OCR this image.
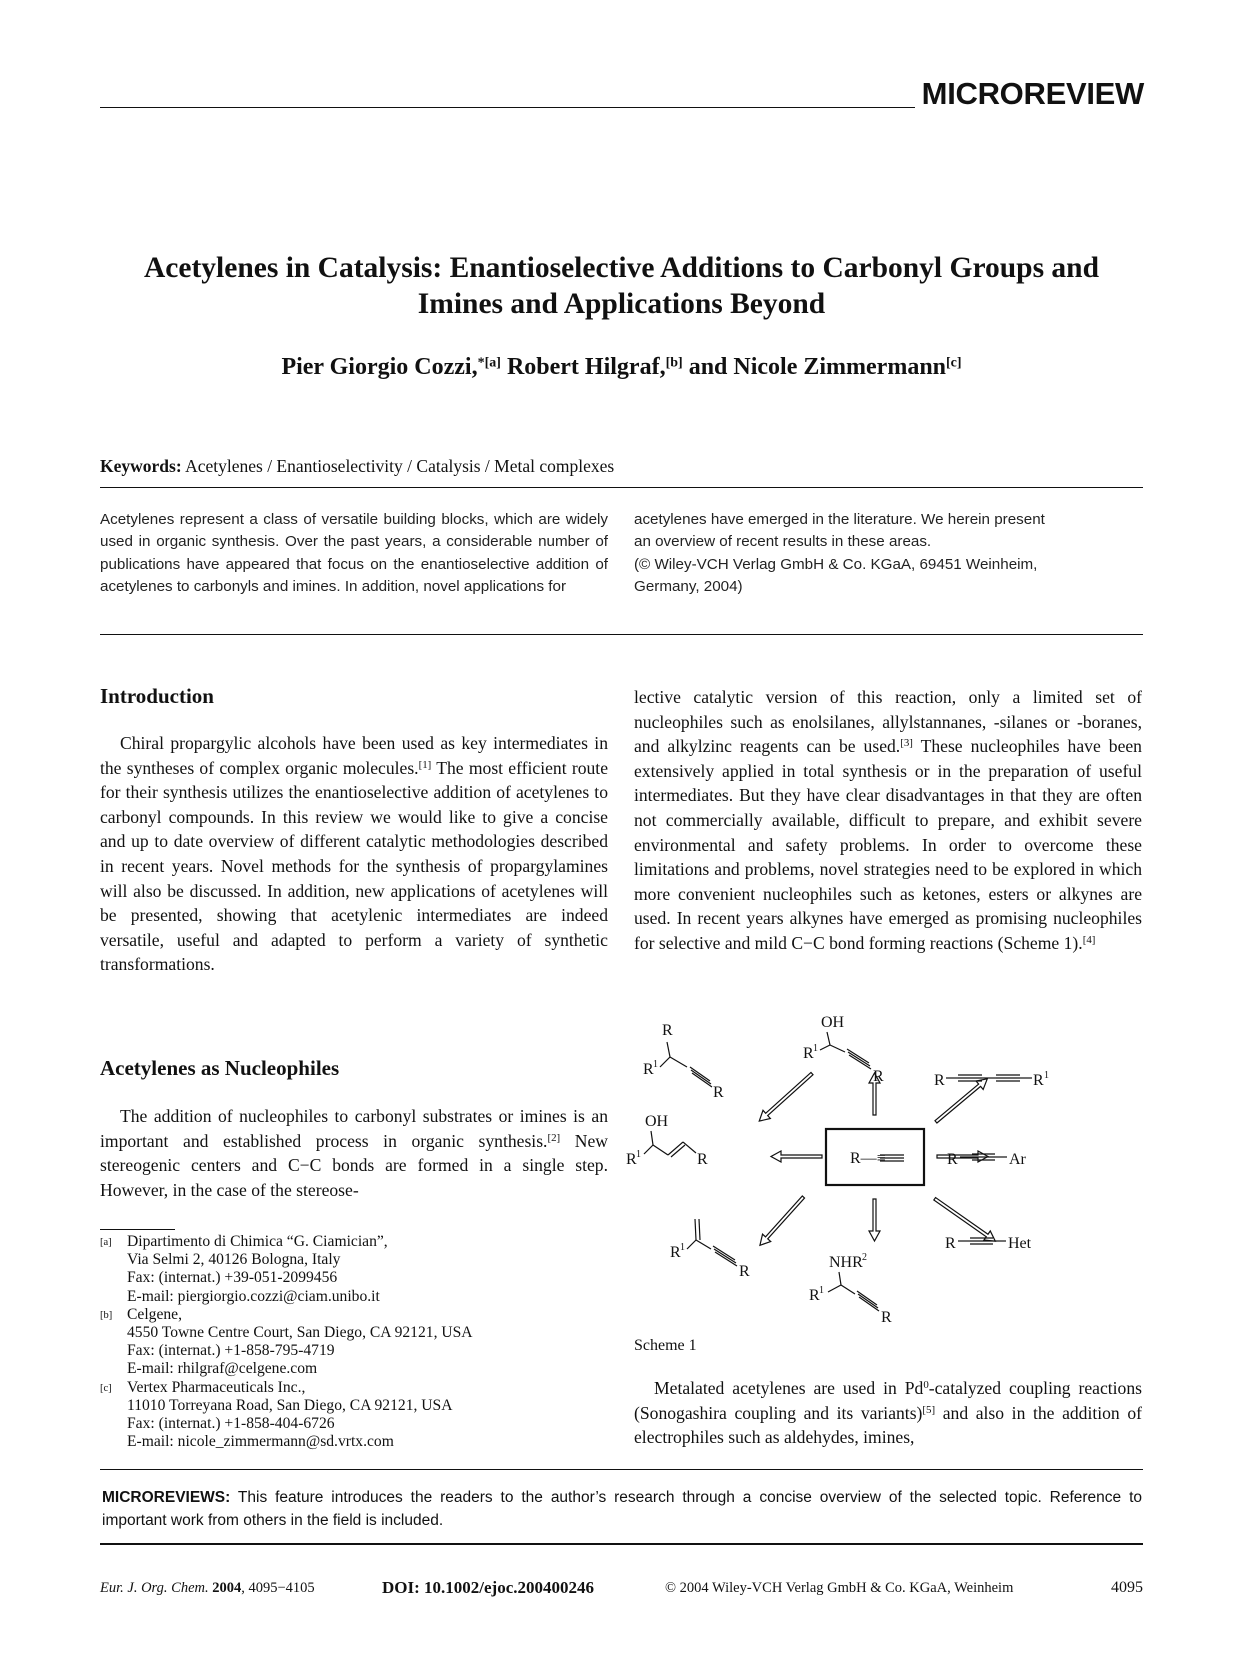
MICROREVIEW
Acetylenes in Catalysis: Enantioselective Additions to Carbonyl Groups and Imines and Applications Beyond
Pier Giorgio Cozzi,$^{*[a]}$ Robert Hilgraf,[b] and Nicole Zimmermann[c]
Keywords: Acetylenes / Enantioselectivity / Catalysis / Metal complexes
Acetylenes represent a class of versatile building blocks, which are widely used in organic synthesis. Over the past years, a considerable number of publications have appeared that focus on the enantioselective addition of acetylenes to carbonyls and imines. In addition, novel applications for
acetylenes have emerged in the literature. We herein present
an overview of recent results in these areas.
(© Wiley-VCH Verlag GmbH & Co. KGaA, 69451 Weinheim,
Germany, 2004)
Introduction

Chiral propargylic alcohols have been used as key intermediates in the syntheses of complex organic molecules.[1] The most efficient route for their synthesis utilizes the enantioselective addition of acetylenes to carbonyl compounds. In this review we would like to give a concise and up to date overview of different catalytic methodologies described in recent years. Novel methods for the synthesis of propargylamines will also be discussed. In addition, new applications of acetylenes will be presented, showing that acetylenic intermediates are indeed versatile, useful and adapted to perform a variety of synthetic transformations.

Acetylenes as Nucleophiles

The addition of nucleophiles to carbonyl substrates or imines is an important and established process in organic synthesis.[2] New stereogenic centers and C−C bonds are formed in a single step. However, in the case of the stereose-

[a] Dipartimento di Chimica “G. Ciamician”,
Via Selmi 2, 40126 Bologna, Italy
Fax: (internat.) +39-051-2099456
E-mail: piergiorgio.cozzi@ciam.unibo.it
[b] Celgene,
4550 Towne Centre Court, San Diego, CA 92121, USA
Fax: (internat.) +1-858-795-4719
E-mail: rhilgraf@celgene.com
[c] Vertex Pharmaceuticals Inc.,
11010 Torreyana Road, San Diego, CA 92121, USA
Fax: (internat.) +1-858-404-6726
E-mail: nicole_zimmermann@sd.vrtx.com

lective catalytic version of this reaction, only a limited set of nucleophiles such as enolsilanes, allylstannanes, -silanes or -boranes, and alkylzinc reagents can be used.[3] These nucleophiles have been extensively applied in total synthesis or in the preparation of useful intermediates. But they have clear disadvantages in that they are often not commercially available, difficult to prepare, and exhibit severe environmental and safety problems. In order to overcome these limitations and problems, novel strategies need to be explored in which more convenient nucleophiles such as ketones, esters or alkynes are used. In recent years alkynes have emerged as promising nucleophiles for selective and mild C−C bond forming reactions (Scheme 1).[4]

R—≡
R
R 1
R
OH
R 1
R	R	R 1
OH
R 1	R	R	Ar
R	Het
R 1
R
NHR 2
R 1
R
Scheme 1

Metalated acetylenes are used in Pd$^0$-catalyzed coupling reactions (Sonogashira coupling and its variants)[5] and also in the addition of electrophiles such as aldehydes, imines,

MICROREVIEWS: This feature introduces the readers to the author’s research through a concise overview of the selected topic. Reference to important work from others in the field is included.
Eur. J. Org. Chem. 2004, 4095−4105	DOI: 10.1002/ejoc.200400246	© 2004 Wiley-VCH Verlag GmbH & Co. KGaA, Weinheim	4095
